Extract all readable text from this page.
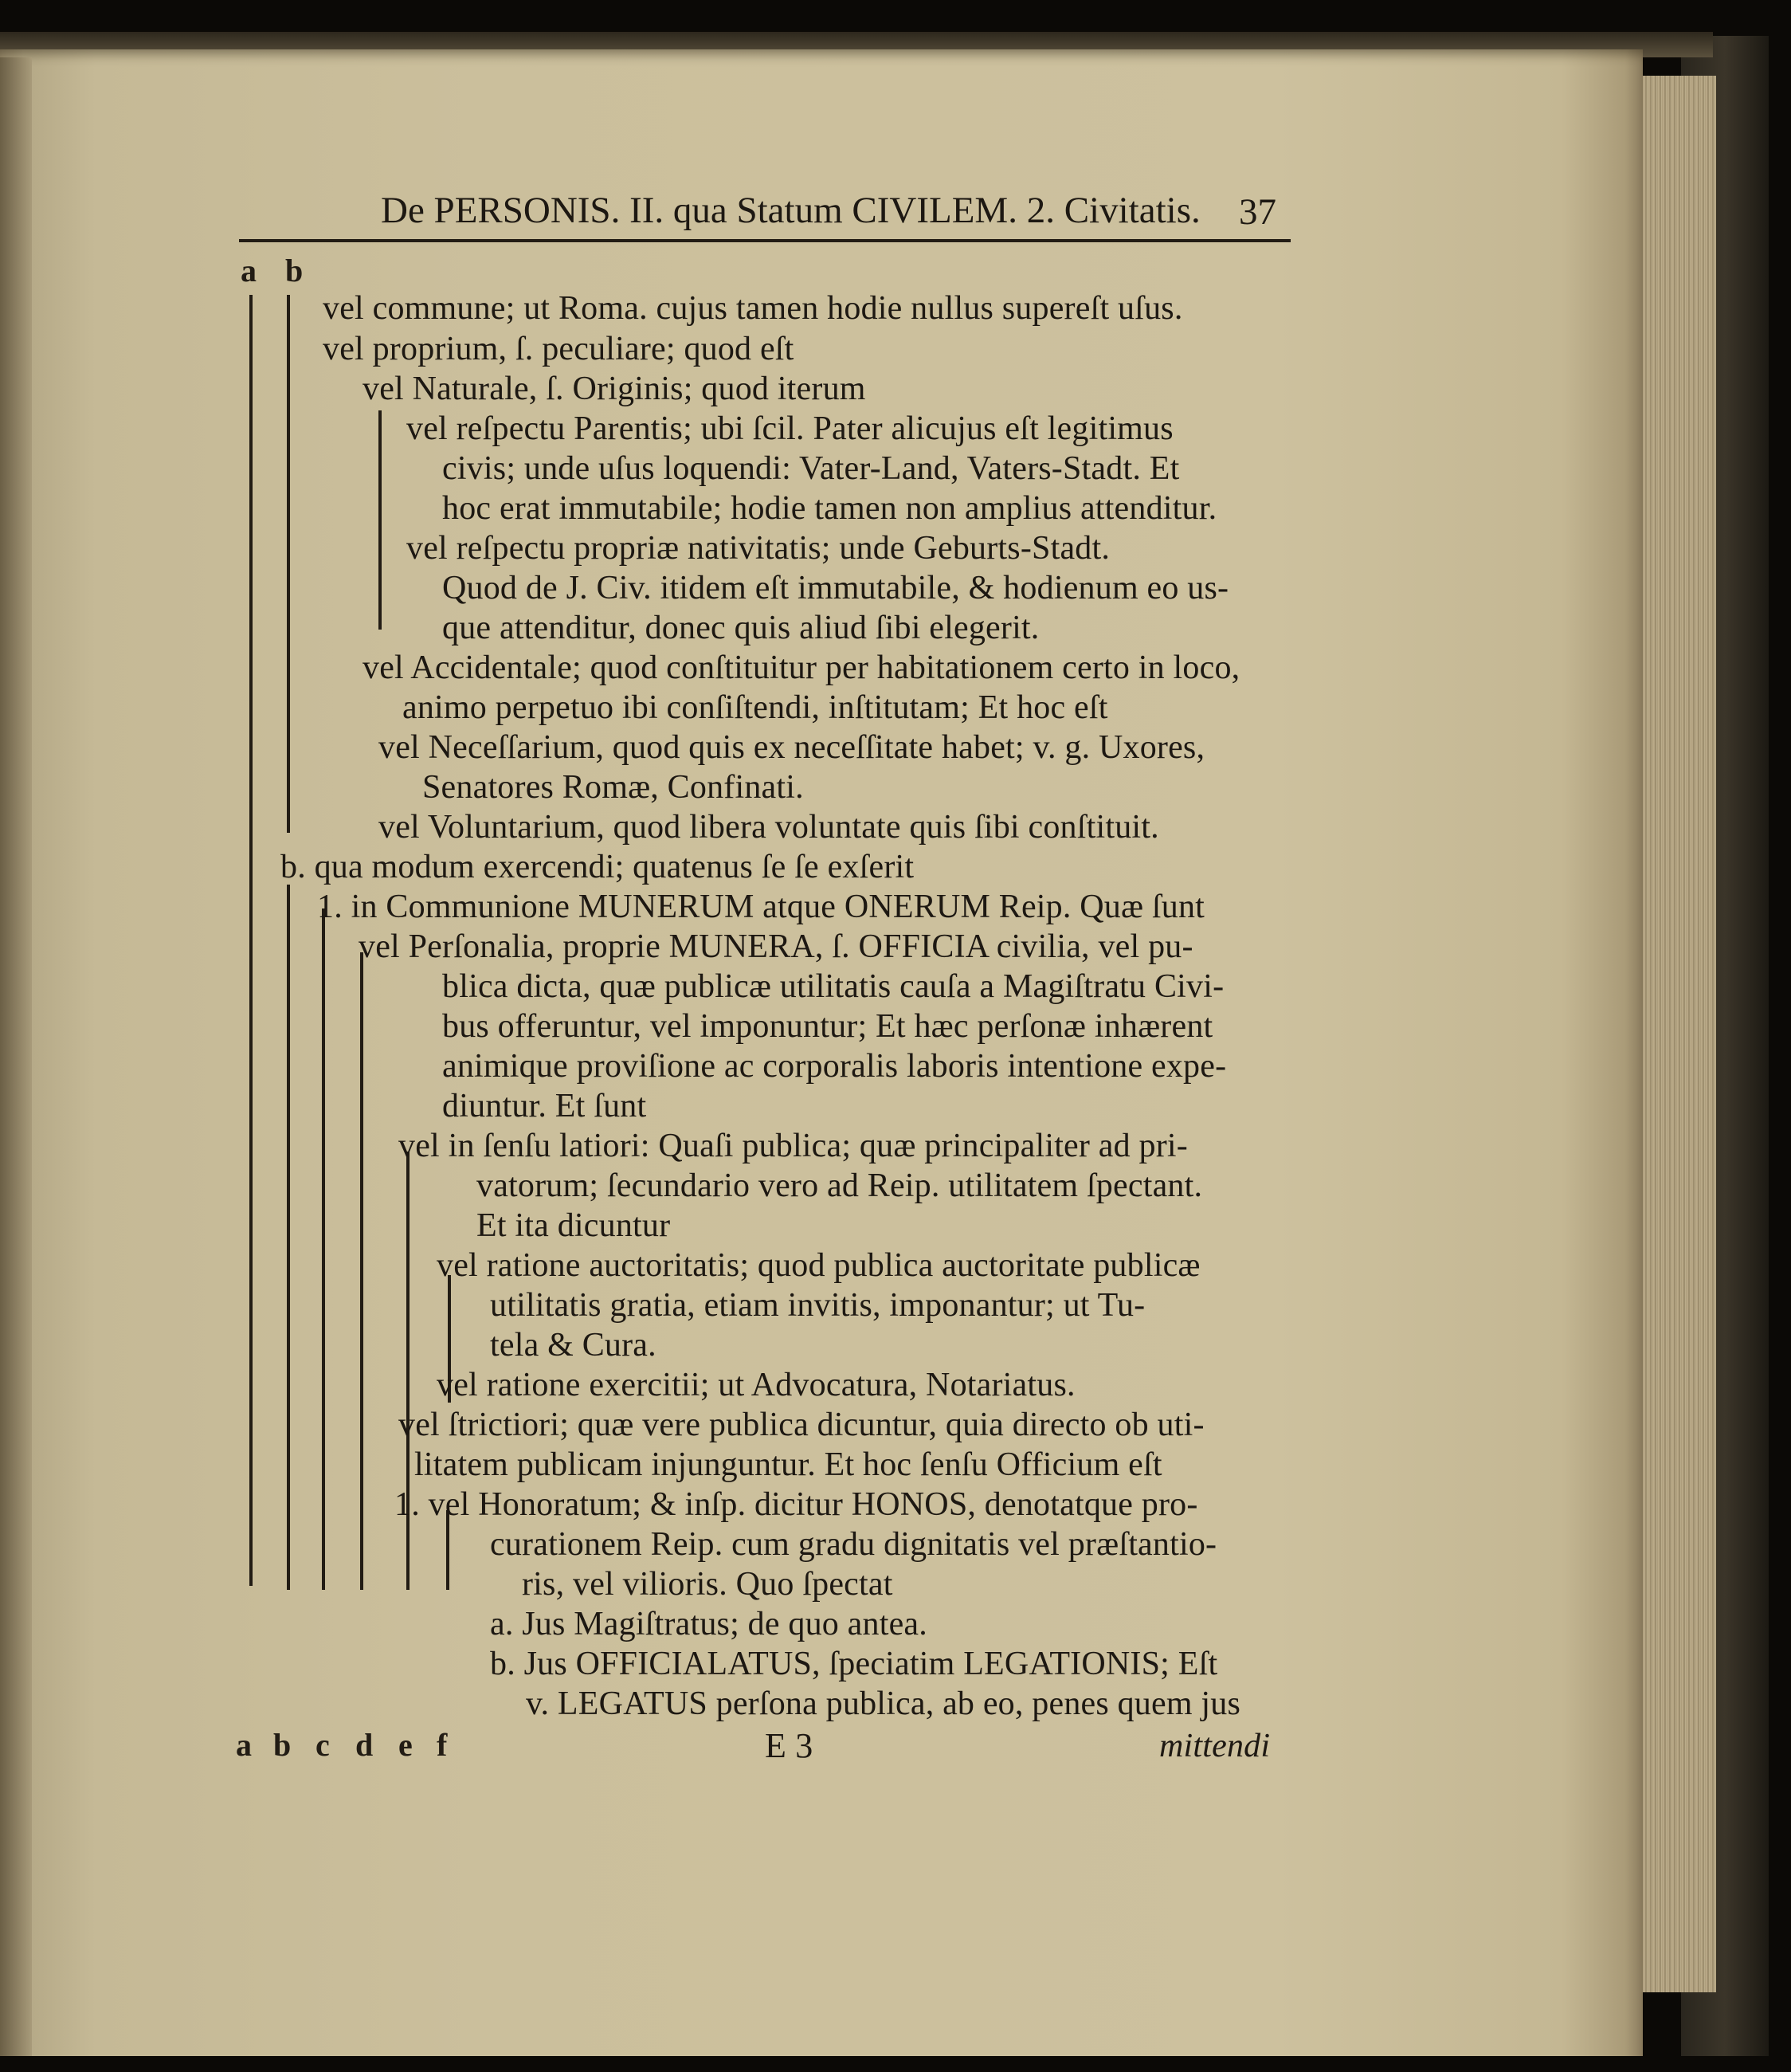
De PERSONIS. II. qua Statum CIVILEM. 2. Civitatis. 37
a b
vel commune; ut Roma. cujus tamen hodie nullus supereſt uſus.
vel proprium, ſ. peculiare; quod eſt
vel Naturale, ſ. Originis; quod iterum
vel reſpectu Parentis; ubi ſcil. Pater alicujus eſt legitimus
civis; unde uſus loquendi: Vater-Land, Vaters-Stadt. Et
hoc erat immutabile; hodie tamen non amplius attenditur.
vel reſpectu propriæ nativitatis; unde Geburts-Stadt.
Quod de J. Civ. itidem eſt immutabile, & hodienum eo us-
que attenditur, donec quis aliud ſibi elegerit.
vel Accidentale; quod conſtituitur per habitationem certo in loco,
animo perpetuo ibi conſiſtendi, inſtitutam; Et hoc eſt
vel Neceſſarium, quod quis ex neceſſitate habet; v. g. Uxores,
Senatores Romæ, Confinati.
vel Voluntarium, quod libera voluntate quis ſibi conſtituit.
b. qua modum exercendi; quatenus ſe ſe exſerit
1. in Communione MUNERUM atque ONERUM Reip. Quæ ſunt
vel Perſonalia, proprie MUNERA, ſ. OFFICIA civilia, vel pu-
blica dicta, quæ publicæ utilitatis cauſa a Magiſtratu Civi-
bus offeruntur, vel imponuntur; Et hæc perſonæ inhærent
animique proviſione ac corporalis laboris intentione expe-
diuntur. Et ſunt
vel in ſenſu latiori: Quaſi publica; quæ principaliter ad pri-
vatorum; ſecundario vero ad Reip. utilitatem ſpectant.
Et ita dicuntur
vel ratione auctoritatis; quod publica auctoritate publicæ
utilitatis gratia, etiam invitis, imponantur; ut Tu-
tela & Cura.
vel ratione exercitii; ut Advocatura, Notariatus.
vel ſtrictiori; quæ vere publica dicuntur, quia directo ob uti-
litatem publicam injunguntur. Et hoc ſenſu Officium eſt
1. vel Honoratum; & inſp. dicitur HONOS, denotatque pro-
curationem Reip. cum gradu dignitatis vel præſtantio-
ris, vel vilioris. Quo ſpectat
a. Jus Magiſtratus; de quo antea.
b. Jus OFFICIALATUS, ſpeciatim LEGATIONIS; Eſt
v. LEGATUS perſona publica, ab eo, penes quem jus
a b c d e f	E 3	mittendi
